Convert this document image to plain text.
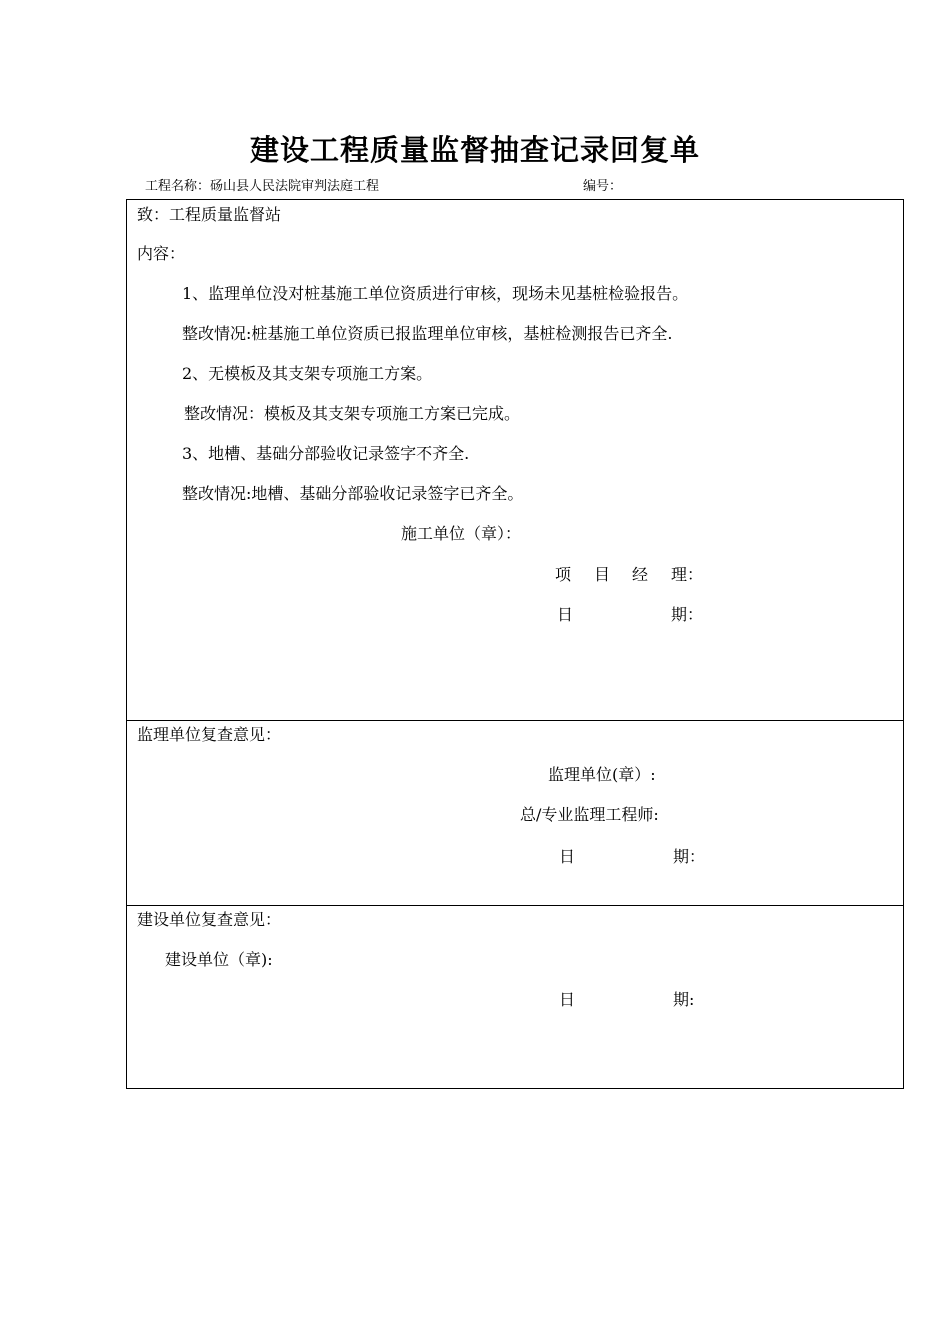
建设工程质量监督抽查记录回复单
工程名称：砀山县人民法院审判法庭工程	编号：
致：工程质量监督站
内容：
1、监理单位没对桩基施工单位资质进行审核，现场未见基桩检验报告。
整改情况:桩基施工单位资质已报监理单位审核，基桩检测报告已齐全.
2、无模板及其支架专项施工方案。
整改情况：模板及其支架专项施工方案已完成。
3、地槽、基础分部验收记录签字不齐全.
整改情况:地槽、基础分部验收记录签字已齐全。
施工单位（章）：
项 目 经 理：
日	期：
监理单位复查意见：
监理单位(章）:
总/专业监理工程师:
日	期：
建设单位复查意见：
建设单位（章):
日	期:
